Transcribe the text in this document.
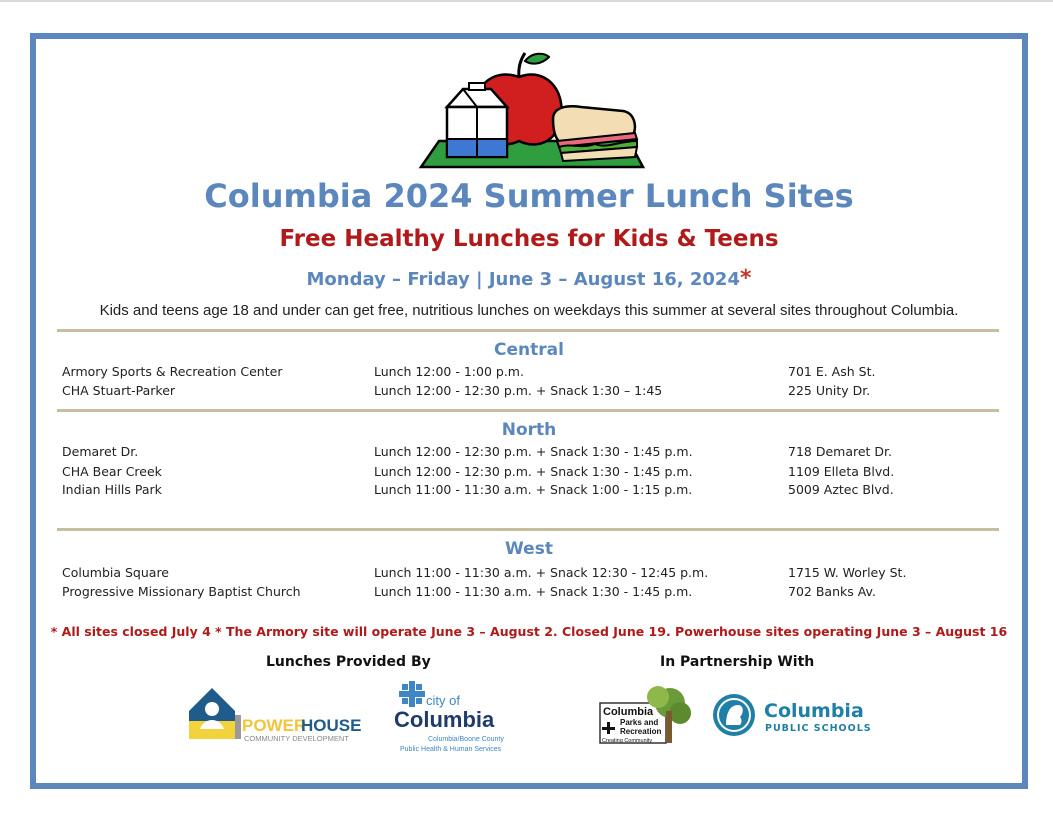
Columbia 2024 Summer Lunch Sites
Free Healthy Lunches for Kids & Teens
Monday – Friday | June 3 – August 16, 2024*
Kids and teens age 18 and under can get free, nutritious lunches on weekdays this summer at several sites throughout Columbia.
Central
Armory Sports & Recreation Center	Lunch 12:00 - 1:00 p.m.	701 E. Ash St.
CHA Stuart-Parker	Lunch 12:00 - 12:30 p.m. + Snack 1:30 – 1:45	225 Unity Dr.
North
Demaret Dr.	Lunch 12:00 - 12:30 p.m. + Snack 1:30 - 1:45 p.m.	718 Demaret Dr.
CHA Bear Creek	Lunch 12:00 - 12:30 p.m. + Snack 1:30 - 1:45 p.m.	1109 Elleta Blvd.
Indian Hills Park	Lunch 11:00 - 11:30 a.m. + Snack 1:00 - 1:15 p.m.	5009 Aztec Blvd.
West
Columbia Square	Lunch 11:00 - 11:30 a.m. + Snack 12:30 - 12:45 p.m.	1715 W. Worley St.
Progressive Missionary Baptist Church	Lunch 11:00 - 11:30 a.m. + Snack 1:30 - 1:45 p.m.	702 Banks Av.
* All sites closed July 4 * The Armory site will operate June 3 – August 2. Closed June 19. Powerhouse sites operating June 3 – August 16
Lunches Provided By	In Partnership With
POWER
HOUSE
COMMUNITY DEVELOPMENT
city of
Columbia
Columbia/Boone County
Public Health & Human Services
Columbia
Parks and
Recreation
Creating Community
Columbia
PUBLIC SCHOOLS
